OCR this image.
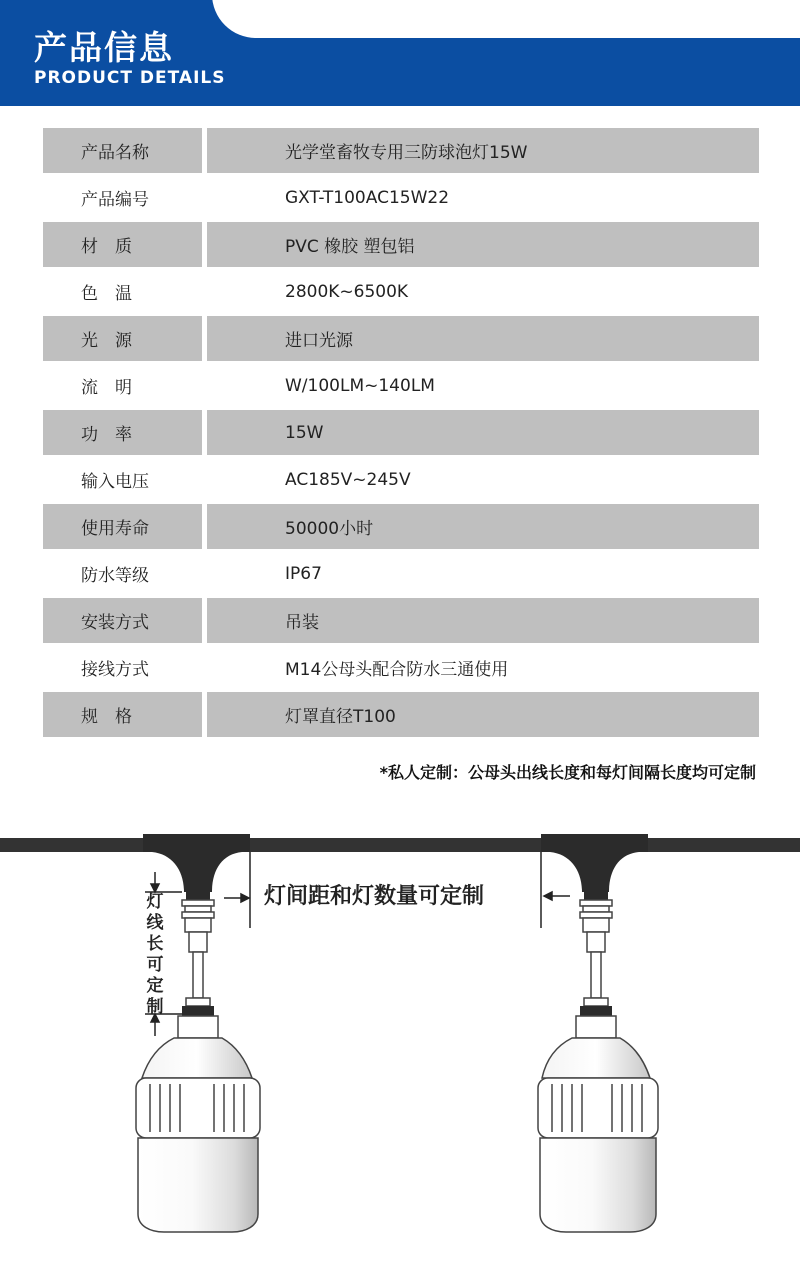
产品信息
PRODUCT DETAILS
产品名称	光学堂畜牧专用三防球泡灯15W
产品编号	GXT-T100AC15W22
材　质	PVC 橡胶 塑包铝
色　温	2800K~6500K
光　源	进口光源
流　明	W/100LM~140LM
功　率	15W
输入电压	AC185V~245V
使用寿命	50000小时
防水等级	IP67
安装方式	吊装
接线方式	M14公母头配合防水三通使用
规　格	灯罩直径T100
*私人定制：公母头出线长度和每灯间隔长度均可定制
灯间距和灯数量可定制
灯线长可定制
